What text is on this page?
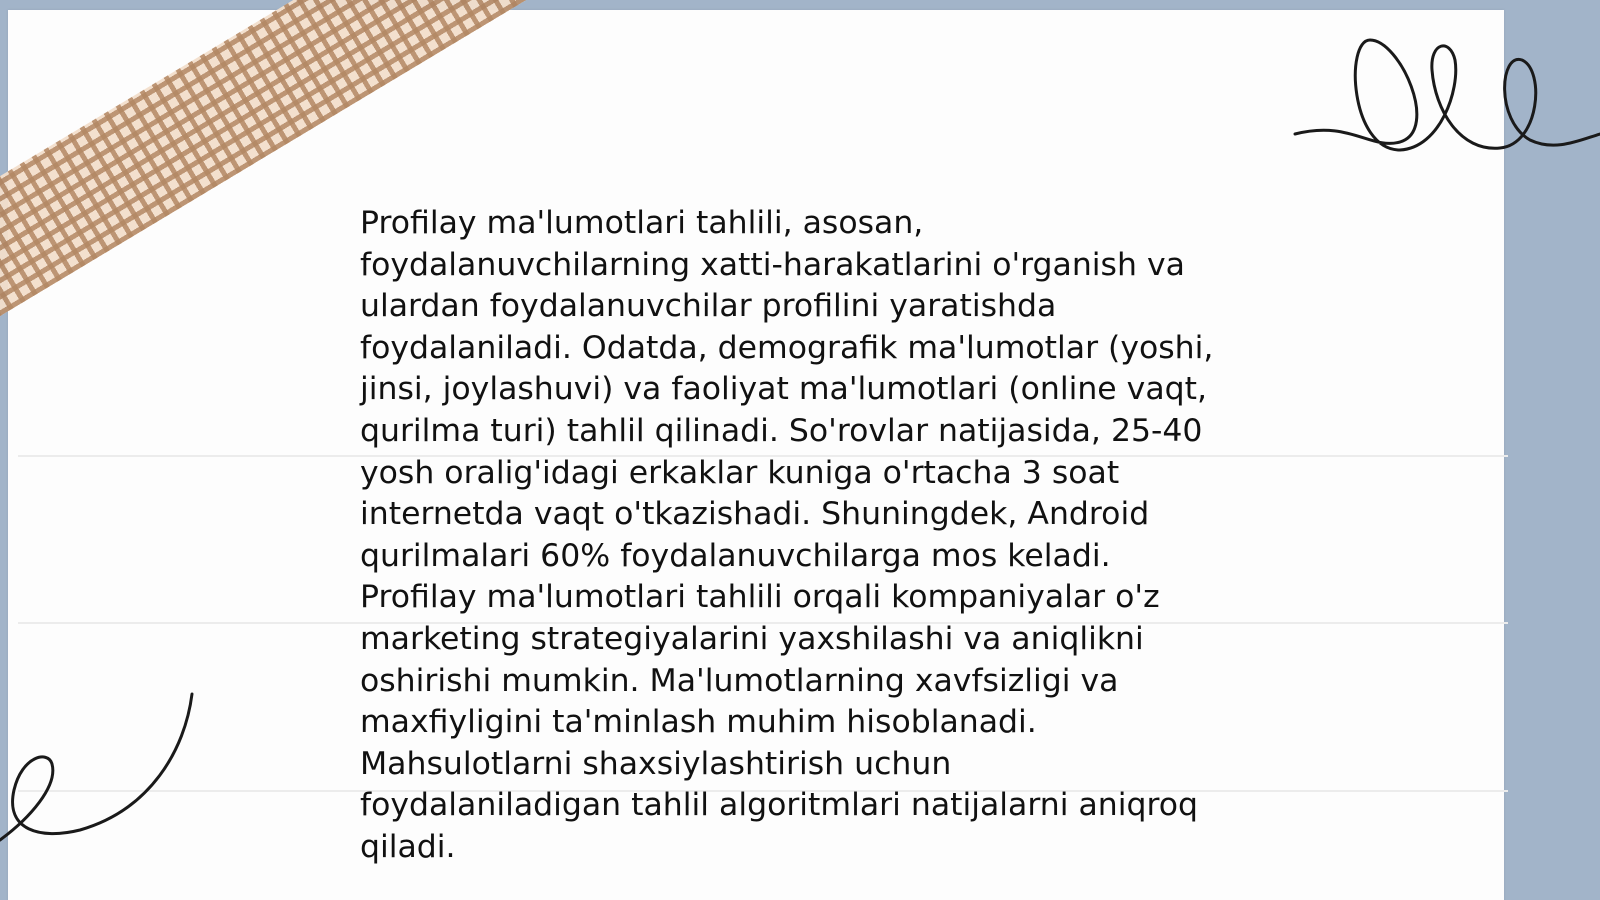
Profilay ma'lumotlari tahlili, asosan,
foydalanuvchilarning xatti-harakatlarini o'rganish va
ulardan foydalanuvchilar profilini yaratishda
foydalaniladi. Odatda, demografik ma'lumotlar (yoshi,
jinsi, joylashuvi) va faoliyat ma'lumotlari (online vaqt,
qurilma turi) tahlil qilinadi. So'rovlar natijasida, 25-40
yosh oralig'idagi erkaklar kuniga o'rtacha 3 soat
internetda vaqt o'tkazishadi. Shuningdek, Android
qurilmalari 60% foydalanuvchilarga mos keladi.
Profilay ma'lumotlari tahlili orqali kompaniyalar o'z
marketing strategiyalarini yaxshilashi va aniqlikni
oshirishi mumkin. Ma'lumotlarning xavfsizligi va
maxfiyligini ta'minlash muhim hisoblanadi.
Mahsulotlarni shaxsiylashtirish uchun
foydalaniladigan tahlil algoritmlari natijalarni aniqroq
qiladi.
